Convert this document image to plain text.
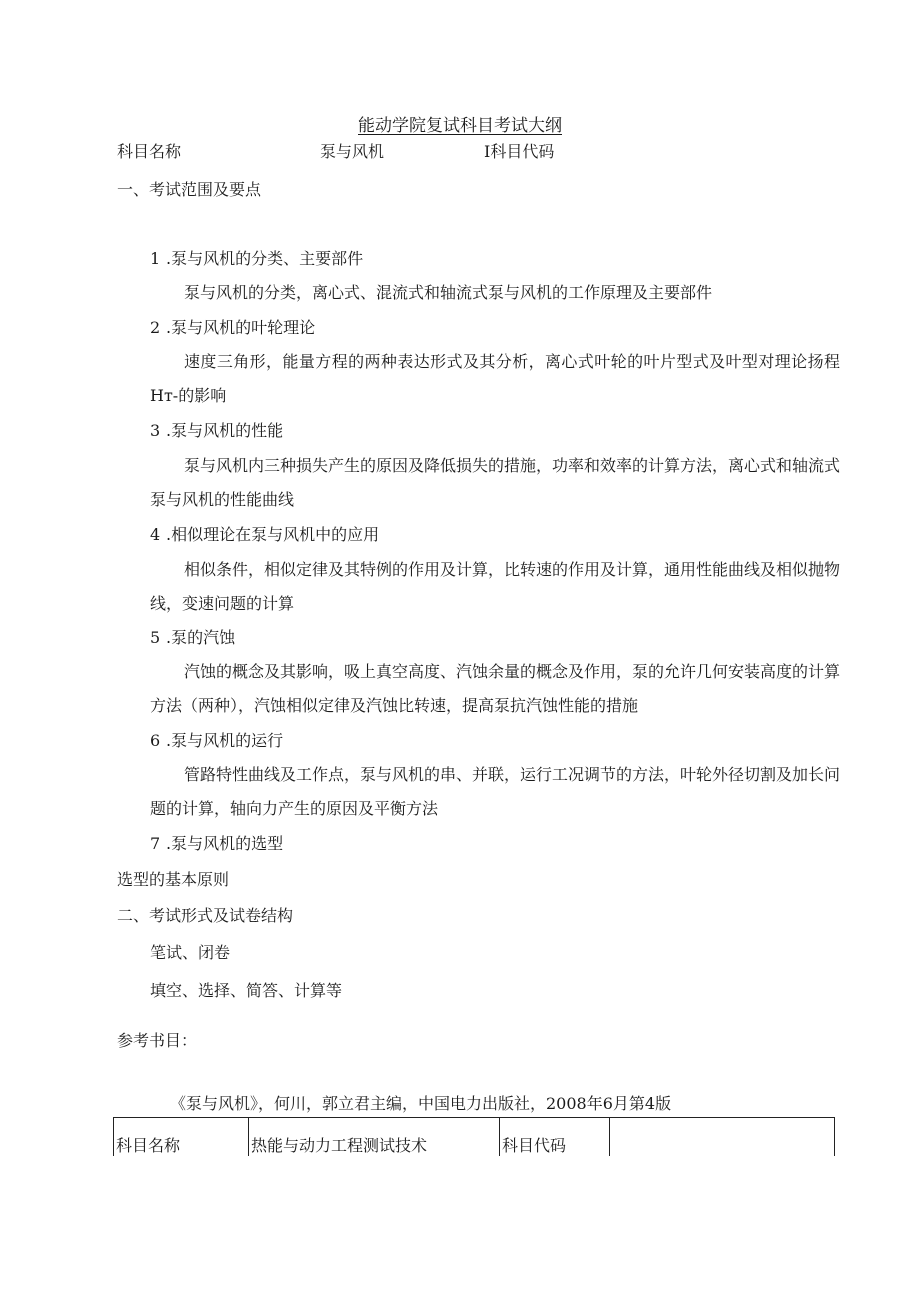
能动学院复试科目考试大纲
科目名称	泵与风机	I科目代码
一、考试范围及要点
1 .泵与风机的分类、主要部件
泵与风机的分类，离心式、混流式和轴流式泵与风机的工作原理及主要部件
2 .泵与风机的叶轮理论
速度三角形，能量方程的两种表达形式及其分析，离心式叶轮的叶片型式及叶型对理论扬程Hт-的影响
3 .泵与风机的性能
泵与风机内三种损失产生的原因及降低损失的措施，功率和效率的计算方法，离心式和轴流式泵与风机的性能曲线
4 .相似理论在泵与风机中的应用
相似条件，相似定律及其特例的作用及计算，比转速的作用及计算，通用性能曲线及相似抛物线，变速问题的计算
5 .泵的汽蚀
汽蚀的概念及其影响，吸上真空高度、汽蚀余量的概念及作用，泵的允许几何安装高度的计算方法（两种），汽蚀相似定律及汽蚀比转速，提高泵抗汽蚀性能的措施
6 .泵与风机的运行
管路特性曲线及工作点，泵与风机的串、并联，运行工况调节的方法，叶轮外径切割及加长问题的计算，轴向力产生的原因及平衡方法
7 .泵与风机的选型
选型的基本原则
二、考试形式及试卷结构
笔试、闭卷
填空、选择、简答、计算等
参考书目：
《泵与风机》，何川，郭立君主编，中国电力出版社，2008年6月第4版
科目名称	热能与动力工程测试技术	科目代码	
